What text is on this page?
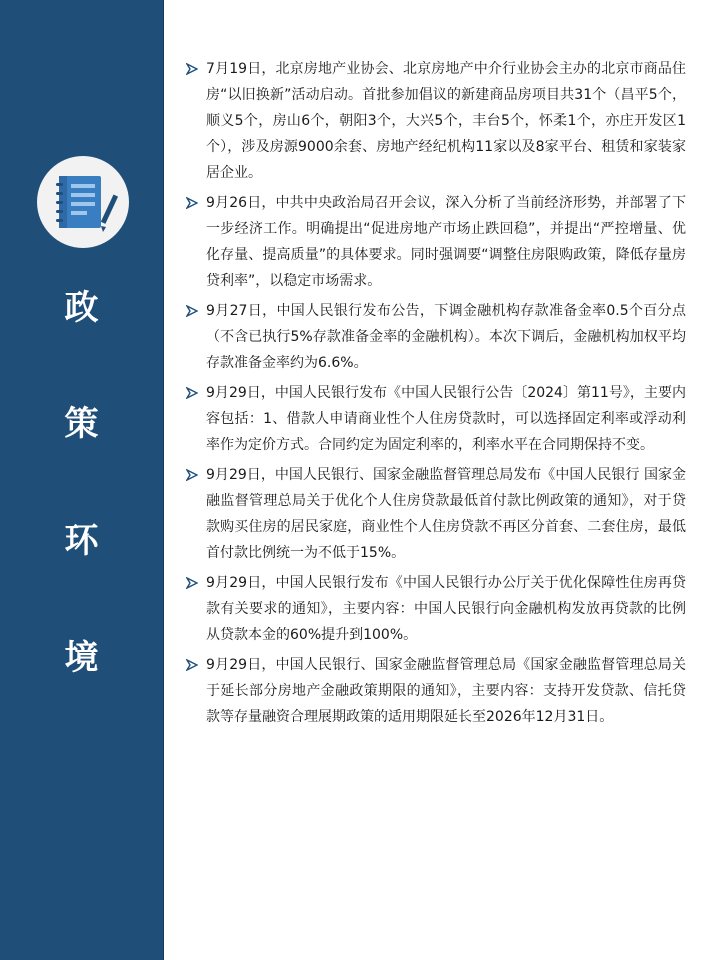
政
策
环
境
7月19日，北京房地产业协会、北京房地产中介行业协会主办的北京市商品住房“以旧换新”活动启动。首批参加倡议的新建商品房项目共31个（昌平5个，顺义5个，房山6个，朝阳3个，大兴5个，丰台5个，怀柔1个，亦庄开发区1个），涉及房源9000余套、房地产经纪机构11家以及8家平台、租赁和家装家居企业。
9月26日，中共中央政治局召开会议，深入分析了当前经济形势，并部署了下一步经济工作。明确提出“促进房地产市场止跌回稳”，并提出“严控增量、优化存量、提高质量”的具体要求。同时强调要“调整住房限购政策，降低存量房贷利率”，以稳定市场需求。
9月27日，中国人民银行发布公告，下调金融机构存款准备金率0.5个百分点（不含已执行5%存款准备金率的金融机构）。本次下调后，金融机构加权平均存款准备金率约为6.6%。
9月29日，中国人民银行发布《中国人民银行公告〔2024〕第11号》，主要内容包括：1、借款人申请商业性个人住房贷款时，可以选择固定利率或浮动利率作为定价方式。合同约定为固定利率的，利率水平在合同期保持不变。
9月29日，中国人民银行、国家金融监督管理总局发布《中国人民银行 国家金融监督管理总局关于优化个人住房贷款最低首付款比例政策的通知》，对于贷款购买住房的居民家庭，商业性个人住房贷款不再区分首套、二套住房，最低首付款比例统一为不低于15%。
9月29日，中国人民银行发布《中国人民银行办公厅关于优化保障性住房再贷款有关要求的通知》，主要内容：中国人民银行向金融机构发放再贷款的比例从贷款本金的60%提升到100%。
9月29日，中国人民银行、国家金融监督管理总局《国家金融监督管理总局关于延长部分房地产金融政策期限的通知》，主要内容：支持开发贷款、信托贷款等存量融资合理展期政策的适用期限延长至2026年12月31日。
